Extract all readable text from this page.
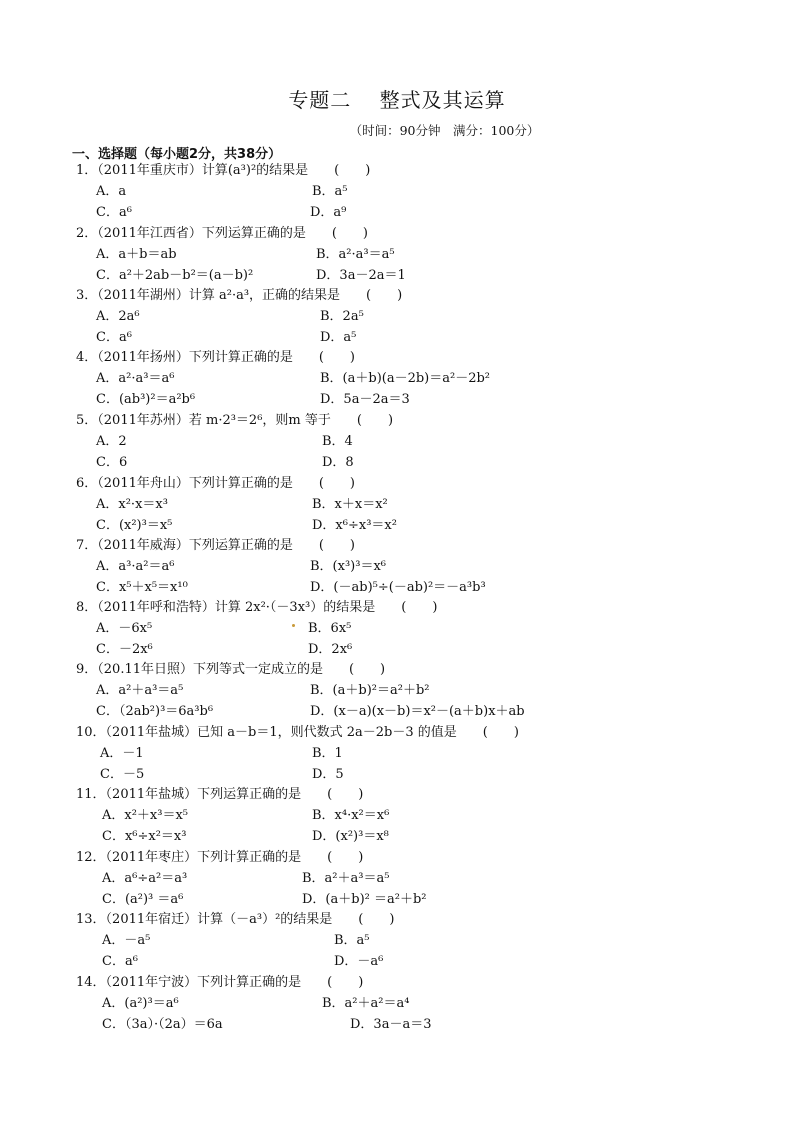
专题二　 整式及其运算
（时间：90分钟　满分：100分）
一、选择题（每小题2分，共38分）
1．（2011年重庆市）计算(a³)²的结果是　　(　　)
A．a	B．a⁵
C．a⁶	D．a⁹
2．（2011年江西省）下列运算正确的是　　(　　)
A．a＋b＝ab	B．a²·a³＝a⁵
C．a²＋2ab－b²＝(a－b)²	D．3a－2a＝1
3．（2011年湖州）计算 a²·a³，正确的结果是　　(　　)
A．2a⁶	B．2a⁵
C．a⁶	D．a⁵
4．（2011年扬州）下列计算正确的是　　(　　)
A．a²·a³＝a⁶	B．(a＋b)(a－2b)＝a²－2b²
C．(ab³)²＝a²b⁶	D．5a－2a＝3
5．（2011年苏州）若 m·2³＝2⁶，则m 等于　　(　　)
A．2	B．4
C．6	D．8
6．（2011年舟山）下列计算正确的是　　(　　)
A．x²·x＝x³	B．x＋x＝x²
C．(x²)³＝x⁵	D．x⁶÷x³＝x²
7．（2011年威海）下列运算正确的是　　(　　)
A．a³·a²＝a⁶	B．(x³)³＝x⁶
C．x⁵＋x⁵＝x¹⁰	D．(－ab)⁵÷(－ab)²＝－a³b³
8．（2011年呼和浩特）计算 2x²·（－3x³）的结果是　　(　　)
A．－6x⁵	B．6x⁵
C．－2x⁶	D．2x⁶
9．（20.11年日照）下列等式一定成立的是　　(　　)
A．a²＋a³＝a⁵	B．(a＋b)²＝a²＋b²
C．（2ab²)³＝6a³b⁶	D．(x－a)(x－b)＝x²－(a＋b)x＋ab
10．（2011年盐城）已知 a－b＝1，则代数式 2a－2b－3 的值是　　(　　)
A．－1	B．1
C．－5	D．5
11．（2011年盐城）下列运算正确的是　　(　　)
A．x²＋x³＝x⁵	B．x⁴·x²＝x⁶
C．x⁶÷x²＝x³	D．(x²)³＝x⁸
12．（2011年枣庄）下列计算正确的是　　(　　)
A．a⁶÷a²＝a³	B．a²＋a³＝a⁵
C．(a²)³ ＝a⁶	D．(a＋b)² ＝a²＋b²
13．（2011年宿迁）计算（－a³）²的结果是　　(　　)
A．－a⁵	B．a⁵
C．a⁶	D．－a⁶
14．（2011年宁波）下列计算正确的是　　(　　)
A．(a²)³＝a⁶	B．a²＋a²＝a⁴
C．（3a）·（2a）＝6a	D．3a－a＝3
